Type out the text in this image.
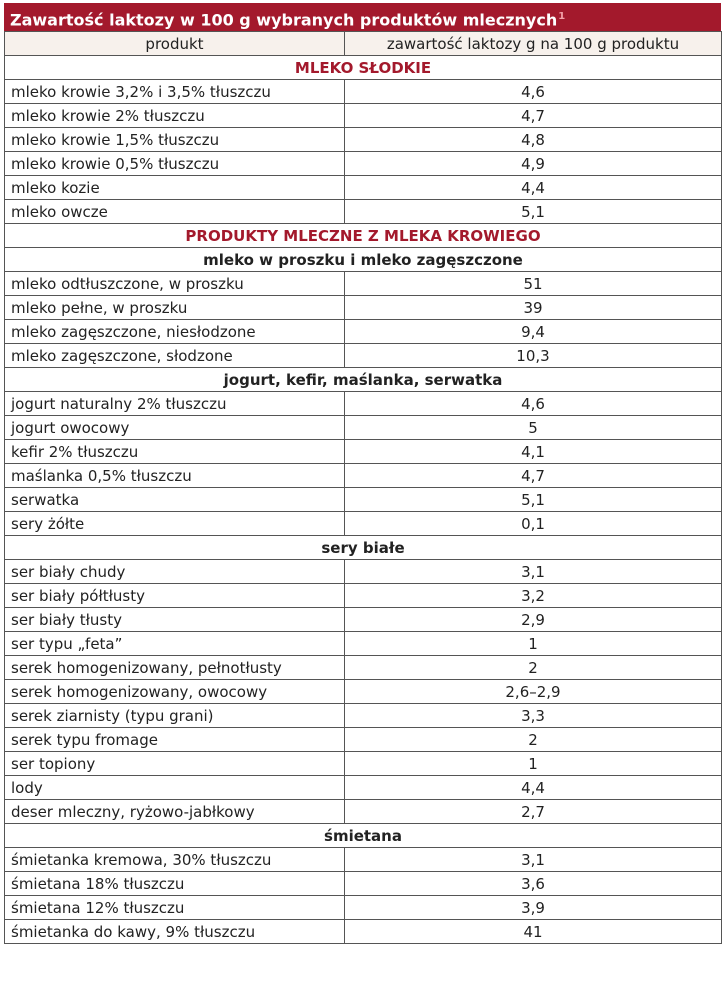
Zawartość laktozy w 100 g wybranych produktów mlecznych$^1$
produkt	zawartość laktozy g na 100 g produktu
MLEKO SŁODKIE	
mleko krowie 3,2% i 3,5% tłuszczu	4,6
mleko krowie 2% tłuszczu	4,7
mleko krowie 1,5% tłuszczu	4,8
mleko krowie 0,5% tłuszczu	4,9
mleko kozie	4,4
mleko owcze	5,1
PRODUKTY MLECZNE Z MLEKA KROWIEGO	
mleko w proszku i mleko zagęszczone	
mleko odtłuszczone, w proszku	51
mleko pełne, w proszku	39
mleko zagęszczone, niesłodzone	9,4
mleko zagęszczone, słodzone	10,3
jogurt, kefir, maślanka, serwatka	
jogurt naturalny 2% tłuszczu	4,6
jogurt owocowy	5
kefir 2% tłuszczu	4,1
maślanka 0,5% tłuszczu	4,7
serwatka	5,1
sery żółte	0,1
sery białe	
ser biały chudy	3,1
ser biały półtłusty	3,2
ser biały tłusty	2,9
ser typu „feta”	1
serek homogenizowany, pełnotłusty	2
serek homogenizowany, owocowy	2,6–2,9
serek ziarnisty (typu grani)	3,3
serek typu fromage	2
ser topiony	1
lody	4,4
deser mleczny, ryżowo-jabłkowy	2,7
śmietana	
śmietanka kremowa, 30% tłuszczu	3,1
śmietana 18% tłuszczu	3,6
śmietana 12% tłuszczu	3,9
śmietanka do kawy, 9% tłuszczu	41
